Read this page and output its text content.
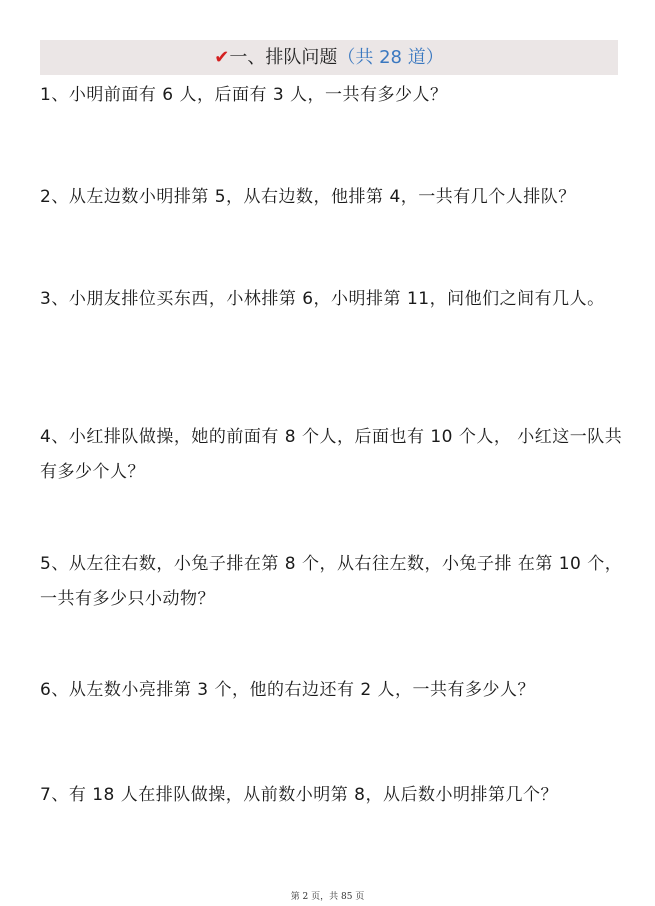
✔一、排队问题（共 28 道）
1、小明前面有 6 人，后面有 3 人，一共有多少人？
2、从左边数小明排第 5，从右边数，他排第 4，一共有几个人排队？
3、小朋友排位买东西，小林排第 6，小明排第 11，问他们之间有几人。
4、小红排队做操，她的前面有 8 个人，后面也有 10 个人， 小红这一队共有多少个人？
5、从左往右数，小兔子排在第 8 个，从右往左数，小兔子排 在第 10 个，一共有多少只小动物？
6、从左数小亮排第 3 个，他的右边还有 2 人，一共有多少人？
7、有 18 人在排队做操，从前数小明第 8，从后数小明排第几个？
第 2 页，共 85 页
